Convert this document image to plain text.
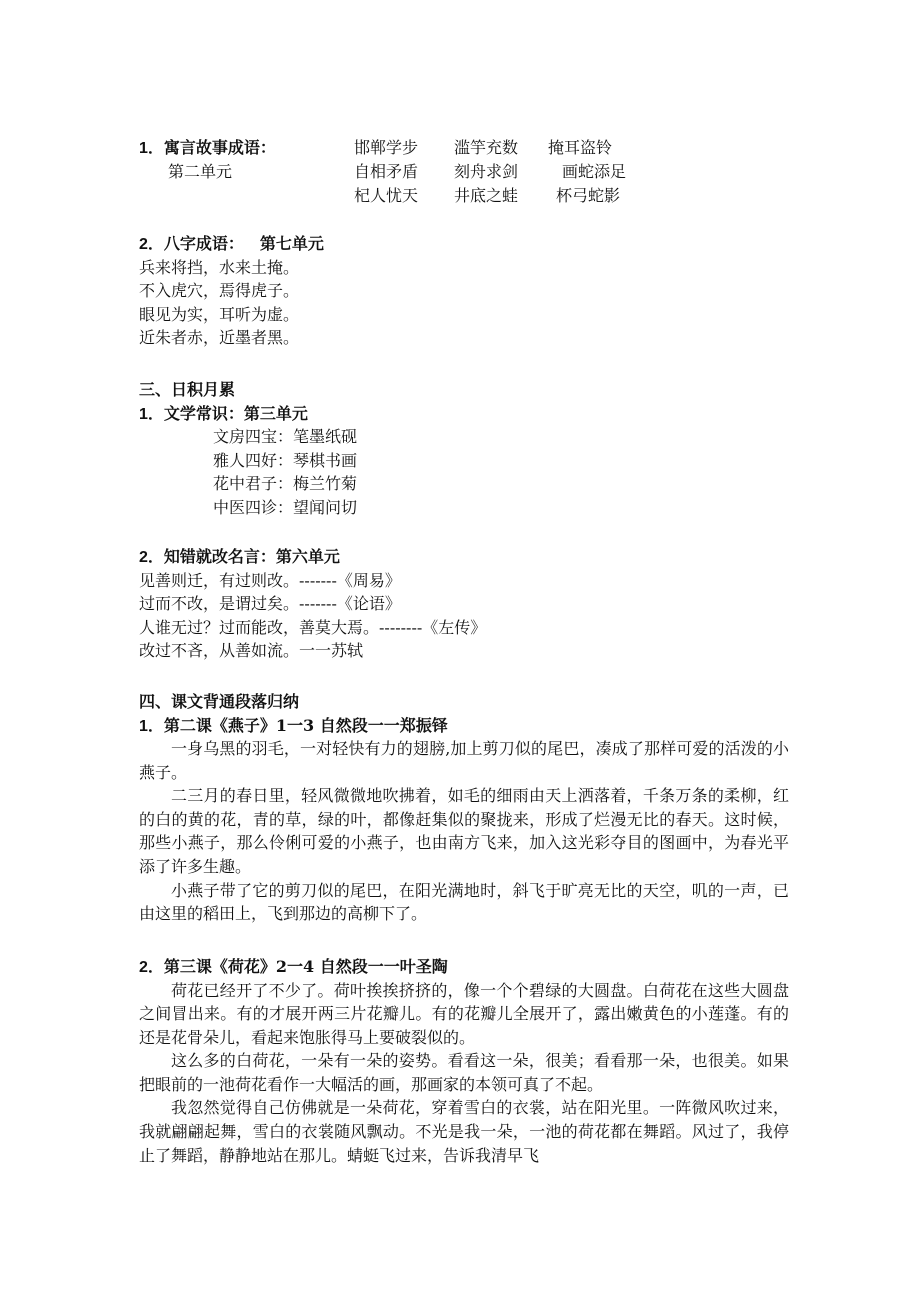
1．寓言故事成语：
第二单元
邯郸学步 滥竽充数 掩耳盗铃
自相矛盾 刻舟求剑	画蛇添足
杞人忧天 井底之蛙 杯弓蛇影
2．八字成语： 第七单元
兵来将挡，水来土掩。
不入虎穴，焉得虎子。
眼见为实，耳听为虚。
近朱者赤，近墨者黑。
三、日积月累
1．文学常识：第三单元
文房四宝：笔墨纸砚
雅人四好：琴棋书画
花中君子：梅兰竹菊
中医四诊：望闻问切
2．知错就改名言：第六单元
见善则迁，有过则改。-------《周易》
过而不改，是谓过矣。-------《论语》
人谁无过？过而能改，善莫大焉。--------《左传》
改过不吝，从善如流。一一苏轼
四、课文背通段落归纳
1．第二课《燕子》1一3 自然段一一郑振铎

一身乌黑的羽毛，一对轻快有力的翅膀,加上剪刀似的尾巴，凑成了那样可爱的活泼的小燕子。

二三月的春日里，轻风微微地吹拂着，如毛的细雨由天上洒落着，千条万条的柔柳，红的白的黄的花，青的草，绿的叶，都像赶集似的聚拢来，形成了烂漫无比的春天。这时候，那些小燕子，那么伶俐可爱的小燕子，也由南方飞来，加入这光彩夺目的图画中，为春光平添了许多生趣。

小燕子带了它的剪刀似的尾巴，在阳光满地时，斜飞于旷亮无比的天空，叽的一声，已由这里的稻田上，飞到那边的高柳下了。

2．第三课《荷花》2一4 自然段一一叶圣陶

荷花已经开了不少了。荷叶挨挨挤挤的，像一个个碧绿的大圆盘。白荷花在这些大圆盘之间冒出来。有的才展开两三片花瓣儿。有的花瓣儿全展开了，露出嫩黄色的小莲蓬。有的还是花骨朵儿，看起来饱胀得马上要破裂似的。

这么多的白荷花，一朵有一朵的姿势。看看这一朵，很美；看看那一朵，也很美。如果把眼前的一池荷花看作一大幅活的画，那画家的本领可真了不起。

我忽然觉得自己仿佛就是一朵荷花，穿着雪白的衣裳，站在阳光里。一阵微风吹过来，我就翩翩起舞，雪白的衣裳随风飘动。不光是我一朵，一池的荷花都在舞蹈。风过了，我停止了舞蹈，静静地站在那儿。蜻蜓飞过来，告诉我清早飞
